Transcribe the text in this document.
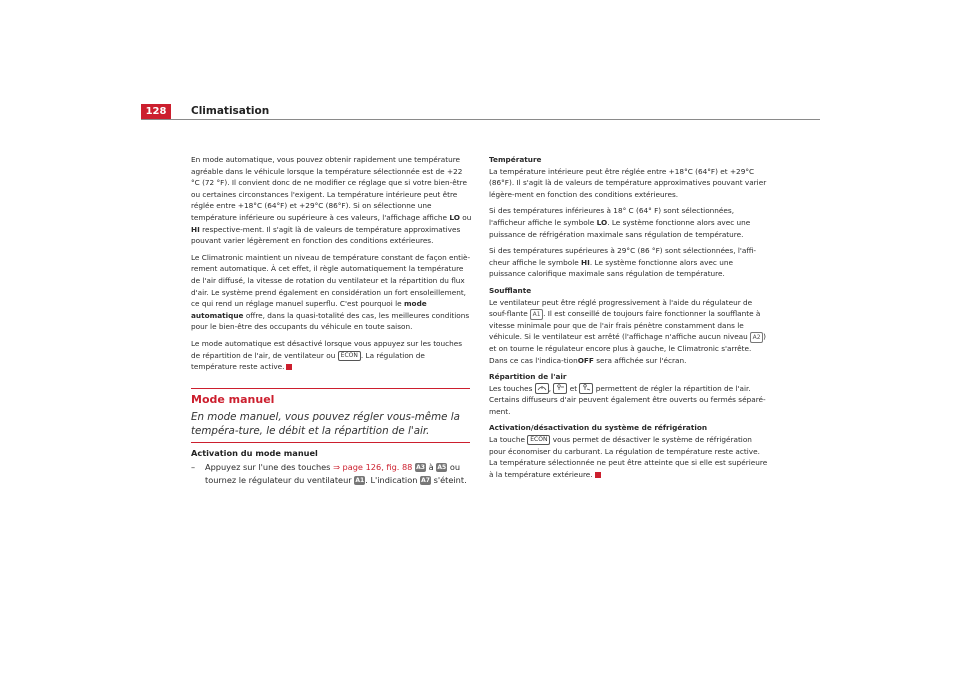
128	Climatisation

En mode automatique, vous pouvez obtenir rapidement une température agréable dans le véhicule lorsque la température sélectionnée est de +22 °C (72 °F). Il convient donc de ne modifier ce réglage que si votre bien-être ou certaines circonstances l'exigent. La température intérieure peut être réglée entre +18°C (64°F) et +29°C (86°F). Si on sélectionne une température inférieure ou supérieure à ces valeurs, l'affichage affiche LO ou HI respective-ment. Il s'agit là de valeurs de température approximatives pouvant varier légèrement en fonction des conditions extérieures.

Le Climatronic maintient un niveau de température constant de façon entiè-rement automatique. À cet effet, il règle automatiquement la température de l'air diffusé, la vitesse de rotation du ventilateur et la répartition du flux d'air. Le système prend également en considération un fort ensoleillement, ce qui rend un réglage manuel superflu. C'est pourquoi le mode automatique offre, dans la quasi-totalité des cas, les meilleures conditions pour le bien-être des occupants du véhicule en toute saison.

Le mode automatique est désactivé lorsque vous appuyez sur les touches de répartition de l'air, de ventilateur ou ECON . La régulation de température reste active.

Mode manuel
En mode manuel, vous pouvez régler vous-même la tempéra-ture, le débit et la répartition de l'air.
Activation du mode manuel
– Appuyez sur l'une des touches ⇒ page 126, fig. 88 A3 à A5 ou tournez le régulateur du ventilateur A1. L'indication A7 s'éteint.
Température

La température intérieure peut être réglée entre +18°C (64°F) et +29°C (86°F). Il s'agit là de valeurs de température approximatives pouvant varier légère-ment en fonction des conditions extérieures.

Si des températures inférieures à 18° C (64° F) sont sélectionnées, l'afficheur affiche le symbole LO. Le système fonctionne alors avec une puissance de réfrigération maximale sans régulation de température.

Si des températures supérieures à 29°C (86 °F) sont sélectionnées, l'affi-cheur affiche le symbole HI. Le système fonctionne alors avec une puissance calorifique maximale sans régulation de température.

Soufflante

Le ventilateur peut être réglé progressivement à l'aide du régulateur de souf-flante A1 . Il est conseillé de toujours faire fonctionner la soufflante à vitesse minimale pour que de l'air frais pénètre constamment dans le véhicule. Si le ventilateur est arrêté (l'affichage n'affiche aucun niveau A2 ) et on tourne le régulateur encore plus à gauche, le Climatronic s'arrête. Dans ce cas l'indica-tionOFF sera affichée sur l'écran.

Répartition de l'air

Les touches ,	et	permettent de régler la répartition de l'air. Certains diffuseurs d'air peuvent également être ouverts ou fermés séparé-ment.

Activation/désactivation du système de réfrigération

La touche ECON vous permet de désactiver le système de réfrigération pour économiser du carburant. La régulation de température reste active. La température sélectionnée ne peut être atteinte que si elle est supérieure à la température extérieure.
